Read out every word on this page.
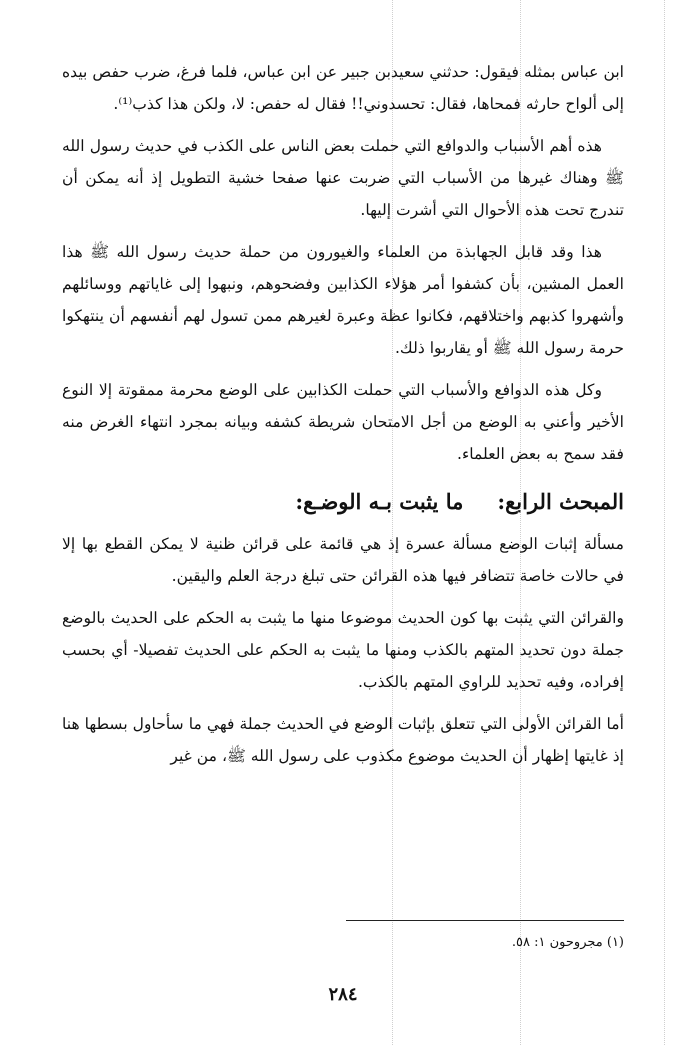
ابن عباس بمثله فيقول: حدثني سعيدبن جبير عن ابن عباس، فلما فرغ، ضرب حفص بيده إلى ألواح حارثه فمحاها، فقال: تحسدوني!! فقال له حفص: لا، ولكن هذا كذب⁽¹⁾.

هذه أهم الأسباب والدوافع التي حملت بعض الناس على الكذب في حديث رسول الله ﷺ وهناك غيرها من الأسباب التي ضربت عنها صفحا خشية التطويل إذ أنه يمكن أن تندرج تحت هذه الأحوال التي أشرت إليها.

هذا وقد قابل الجهابذة من العلماء والغيورون من حملة حديث رسول الله ﷺ هذا العمل المشين، بأن كشفوا أمر هؤلاء الكذابين وفضحوهم، ونبهوا إلى غاياتهم ووسائلهم وأشهروا كذبهم واختلاقهم، فكانوا عظة وعبرة لغيرهم ممن تسول لهم أنفسهم أن ينتهكوا حرمة رسول الله ﷺ أو يقاربوا ذلك.

وكل هذه الدوافع والأسباب التي حملت الكذابين على الوضع محرمة ممقوتة إلا النوع الأخير وأعني به الوضع من أجل الامتحان شريطة كشفه وبيانه بمجرد انتهاء الغرض منه فقد سمح به بعض العلماء.

المبحث الرابع:ما يثبت بـه الوضـع:

مسألة إثبات الوضع مسألة عسرة إذ هي قائمة على قرائن ظنية لا يمكن القطع بها إلا في حالات خاصة تتضافر فيها هذه القرائن حتى تبلغ درجة العلم واليقين.

والقرائن التي يثبت بها كون الحديث موضوعا منها ما يثبت به الحكم على الحديث بالوضع جملة دون تحديد المتهم بالكذب ومنها ما يثبت به الحكم على الحديث تفصيلا- أي بحسب إفراده، وفيه تحديد للراوي المتهم بالكذب.

أما القرائن الأولى التي تتعلق بإثبات الوضع في الحديث جملة فهي ما سأحاول بسطها هنا إذ غايتها إظهار أن الحديث موضوع مكذوب على رسول الله ﷺ، من غير

(١) مجروحون ١: ٥٨.
٢٨٤
